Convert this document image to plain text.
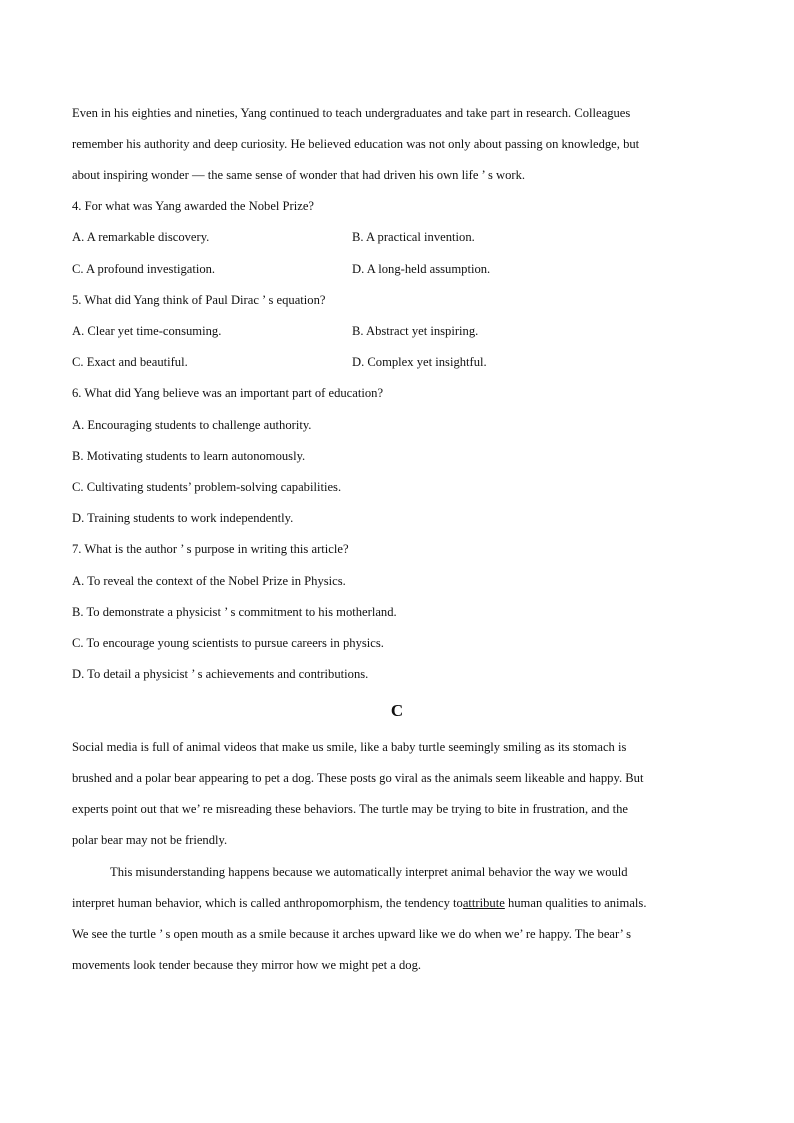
Even in his eighties and nineties, Yang continued to teach undergraduates and take part in research. Colleagues
remember his authority and deep curiosity. He believed education was not only about passing on knowledge, but
about inspiring wonder — the same sense of wonder that had driven his own life ’ s work.
4. For what was Yang awarded the Nobel Prize?
A. A remarkable discovery.	B. A practical invention.
C. A profound investigation.	D. A long-held assumption.
5. What did Yang think of Paul Dirac ’ s equation?
A. Clear yet time-consuming.	B. Abstract yet inspiring.
C. Exact and beautiful.	D. Complex yet insightful.
6. What did Yang believe was an important part of education?
A. Encouraging students to challenge authority.
B. Motivating students to learn autonomously.
C. Cultivating students’ problem-solving capabilities.
D. Training students to work independently.
7. What is the author ’ s purpose in writing this article?
A. To reveal the context of the Nobel Prize in Physics.
B. To demonstrate a physicist ’ s commitment to his motherland.
C. To encourage young scientists to pursue careers in physics.
D. To detail a physicist ’ s achievements and contributions.
C
Social media is full of animal videos that make us smile, like a baby turtle seemingly smiling as its stomach is
brushed and a polar bear appearing to pet a dog. These posts go viral as the animals seem likeable and happy. But
experts point out that we’ re misreading these behaviors. The turtle may be trying to bite in frustration, and the
polar bear may not be friendly.
This misunderstanding happens because we automatically interpret animal behavior the way we would
interpret human behavior, which is called anthropomorphism, the tendency toattribute human qualities to animals.
We see the turtle ’ s open mouth as a smile because it arches upward like we do when we’ re happy. The bear’ s
movements look tender because they mirror how we might pet a dog.
